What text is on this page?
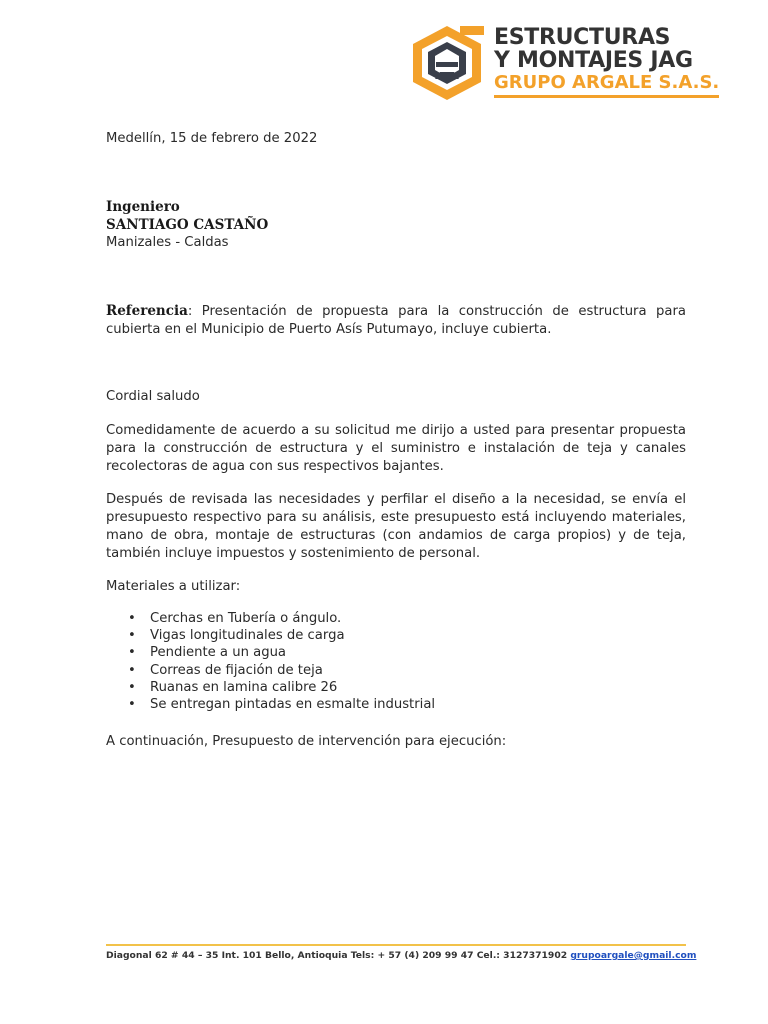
ESTRUCTURAS
Y MONTAJES JAG
GRUPO ARGALE S.A.S.
Medellín, 15 de febrero de 2022
Ingeniero
SANTIAGO CASTAÑO
Manizales - Caldas
Referencia: Presentación de propuesta para la construcción de estructura para cubierta en el Municipio de Puerto Asís Putumayo, incluye cubierta.
Cordial saludo
Comedidamente de acuerdo a su solicitud me dirijo a usted para presentar propuesta para la construcción de estructura y el suministro e instalación de teja y canales recolectoras de agua con sus respectivos bajantes.
Después de revisada las necesidades y perfilar el diseño a la necesidad, se envía el presupuesto respectivo para su análisis, este presupuesto está incluyendo materiales, mano de obra, montaje de estructuras (con andamios de carga propios) y de teja, también incluye impuestos y sostenimiento de personal.
Materiales a utilizar:
• Cerchas en Tubería o ángulo.
• Vigas longitudinales de carga
• Pendiente a un agua
• Correas de fijación de teja
• Ruanas en lamina calibre 26
• Se entregan pintadas en esmalte industrial
A continuación, Presupuesto de intervención para ejecución:
Diagonal 62 # 44 – 35 Int. 101 Bello, Antioquia Tels: + 57 (4) 209 99 47 Cel.: 3127371902 grupoargale@gmail.com
